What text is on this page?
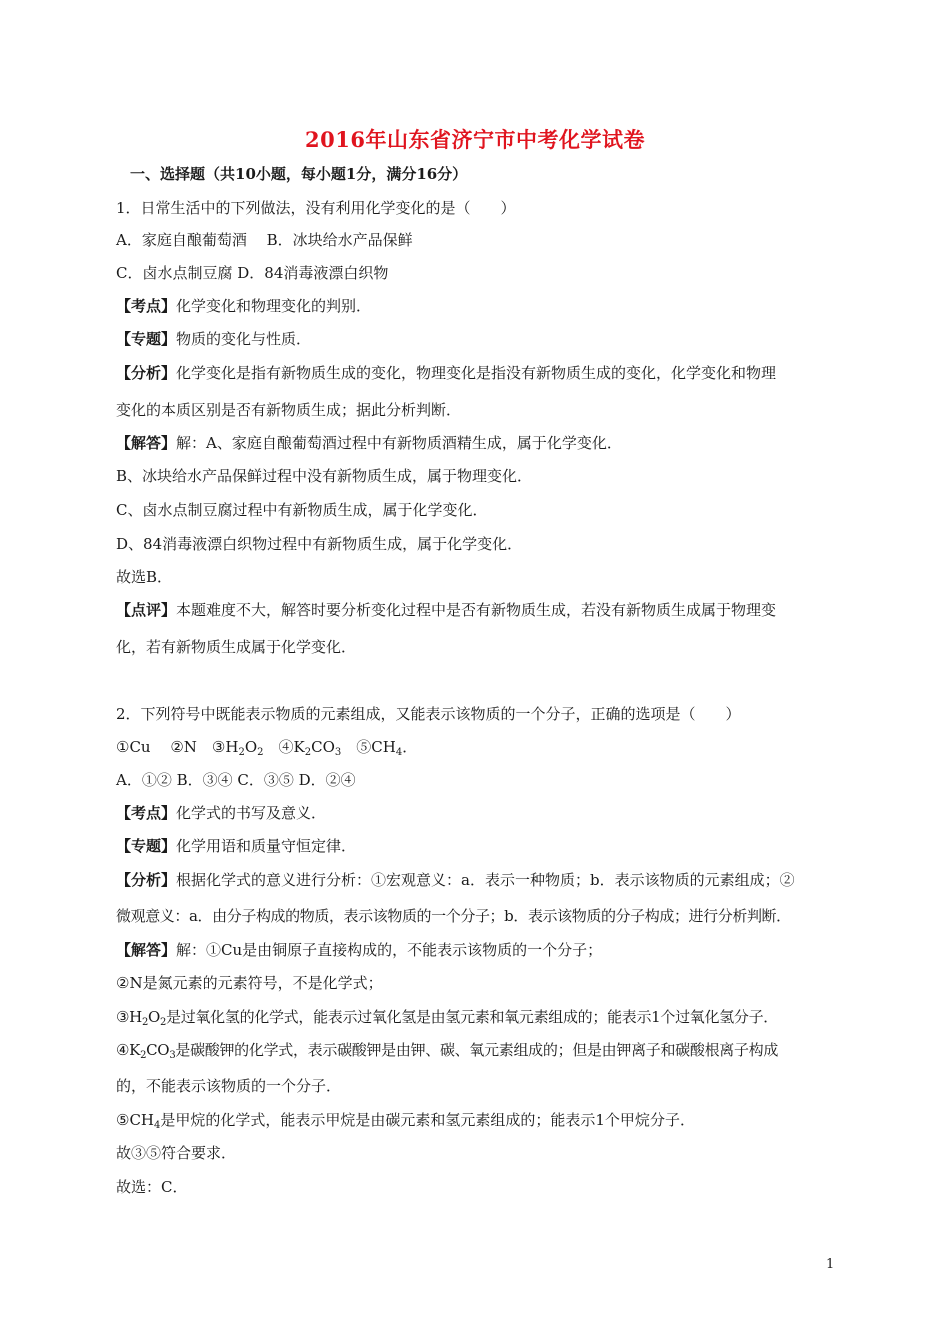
2016年山东省济宁市中考化学试卷
一、选择题（共10小题，每小题1分，满分16分）
1．日常生活中的下列做法，没有利用化学变化的是（　　）
A．家庭自酿葡萄酒　 B．冰块给水产品保鲜
C．卤水点制豆腐 D．84消毒液漂白织物
【考点】化学变化和物理变化的判别．
【专题】物质的变化与性质．
【分析】化学变化是指有新物质生成的变化，物理变化是指没有新物质生成的变化，化学变化和物理
变化的本质区别是否有新物质生成；据此分析判断．
【解答】解：A、家庭自酿葡萄酒过程中有新物质酒精生成，属于化学变化．
B、冰块给水产品保鲜过程中没有新物质生成，属于物理变化．
C、卤水点制豆腐过程中有新物质生成，属于化学变化．
D、84消毒液漂白织物过程中有新物质生成，属于化学变化．
故选B．
【点评】本题难度不大，解答时要分析变化过程中是否有新物质生成，若没有新物质生成属于物理变
化，若有新物质生成属于化学变化．
2．下列符号中既能表示物质的元素组成，又能表示该物质的一个分子，正确的选项是（　　）
①Cu　 ②N　$③H_2O_2$　$④K_2CO_3$　$⑤CH_4$．
A．①② B．③④ C．③⑤ D．②④
【考点】化学式的书写及意义．
【专题】化学用语和质量守恒定律．
【分析】根据化学式的意义进行分析：①宏观意义：a．表示一种物质；b．表示该物质的元素组成；②
微观意义：a．由分子构成的物质，表示该物质的一个分子；b．表示该物质的分子构成；进行分析判断．
【解答】解：①Cu是由铜原子直接构成的，不能表示该物质的一个分子；
②N是氮元素的元素符号，不是化学式；
$③H_2O_2$是过氧化氢的化学式，能表示过氧化氢是由氢元素和氧元素组成的；能表示1个过氧化氢分子．
$④K_2CO_3$是碳酸钾的化学式，表示碳酸钾是由钾、碳、氧元素组成的；但是由钾离子和碳酸根离子构成
的，不能表示该物质的一个分子．
$⑤CH_4$是甲烷的化学式，能表示甲烷是由碳元素和氢元素组成的；能表示1个甲烷分子．
故③⑤符合要求．
故选：C．
1
